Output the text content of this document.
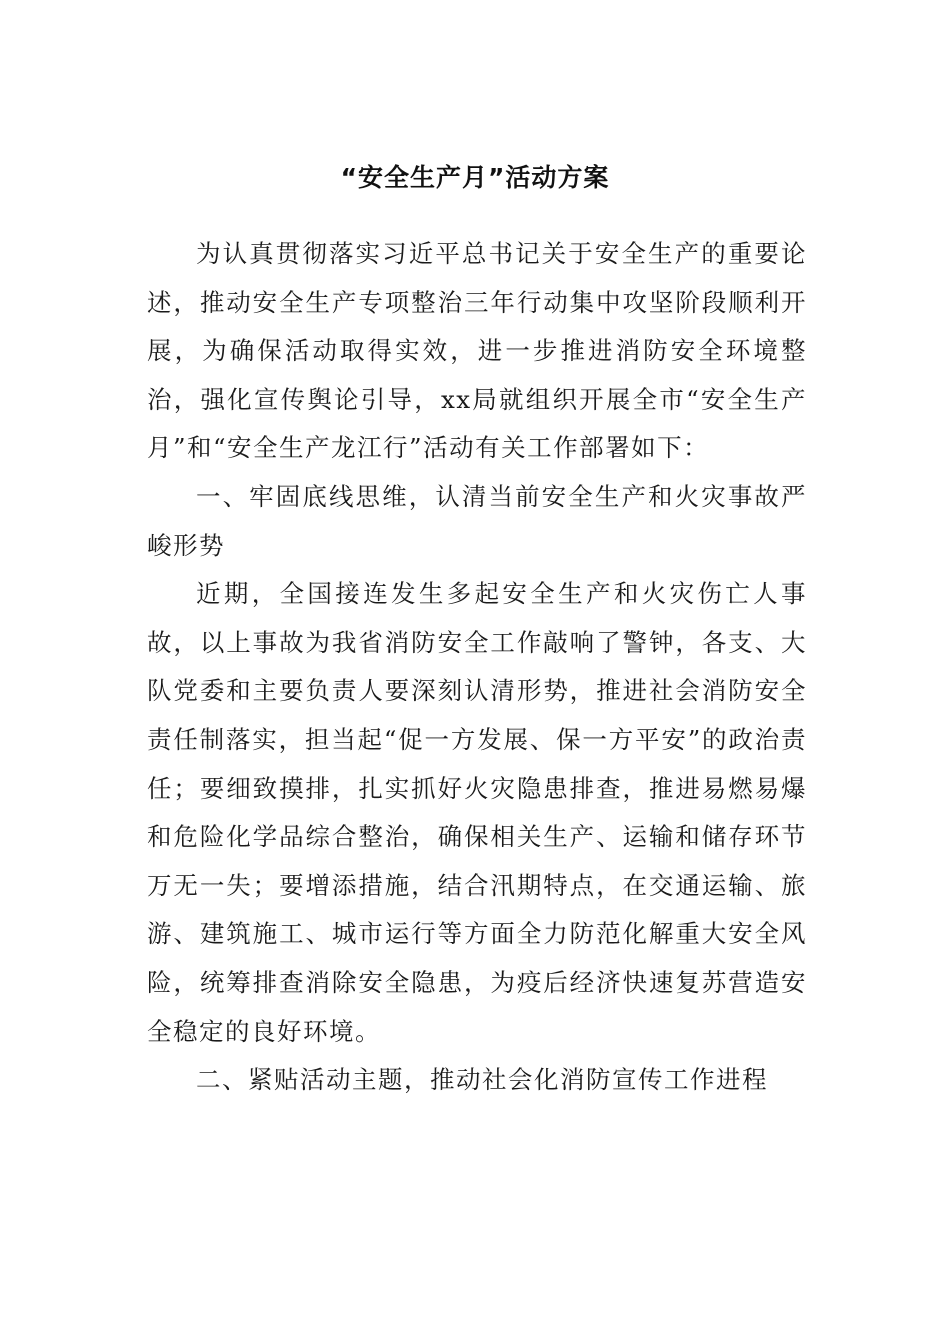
“安全生产月”活动方案

为认真贯彻落实习近平总书记关于安全生产的重要论述，推动安全生产专项整治三年行动集中攻坚阶段顺利开展，为确保活动取得实效，进一步推进消防安全环境整治，强化宣传舆论引导，xx局就组织开展全市“安全生产月”和“安全生产龙江行”活动有关工作部署如下：

一、牢固底线思维，认清当前安全生产和火灾事故严峻形势

近期，全国接连发生多起安全生产和火灾伤亡人事故，以上事故为我省消防安全工作敲响了警钟，各支、大队党委和主要负责人要深刻认清形势，推进社会消防安全责任制落实，担当起“促一方发展、保一方平安”的政治责任；要细致摸排，扎实抓好火灾隐患排查，推进易燃易爆和危险化学品综合整治，确保相关生产、运输和储存环节万无一失；要增添措施，结合汛期特点，在交通运输、旅游、建筑施工、城市运行等方面全力防范化解重大安全风险，统筹排查消除安全隐患，为疫后经济快速复苏营造安全稳定的良好环境。

二、紧贴活动主题，推动社会化消防宣传工作进程
